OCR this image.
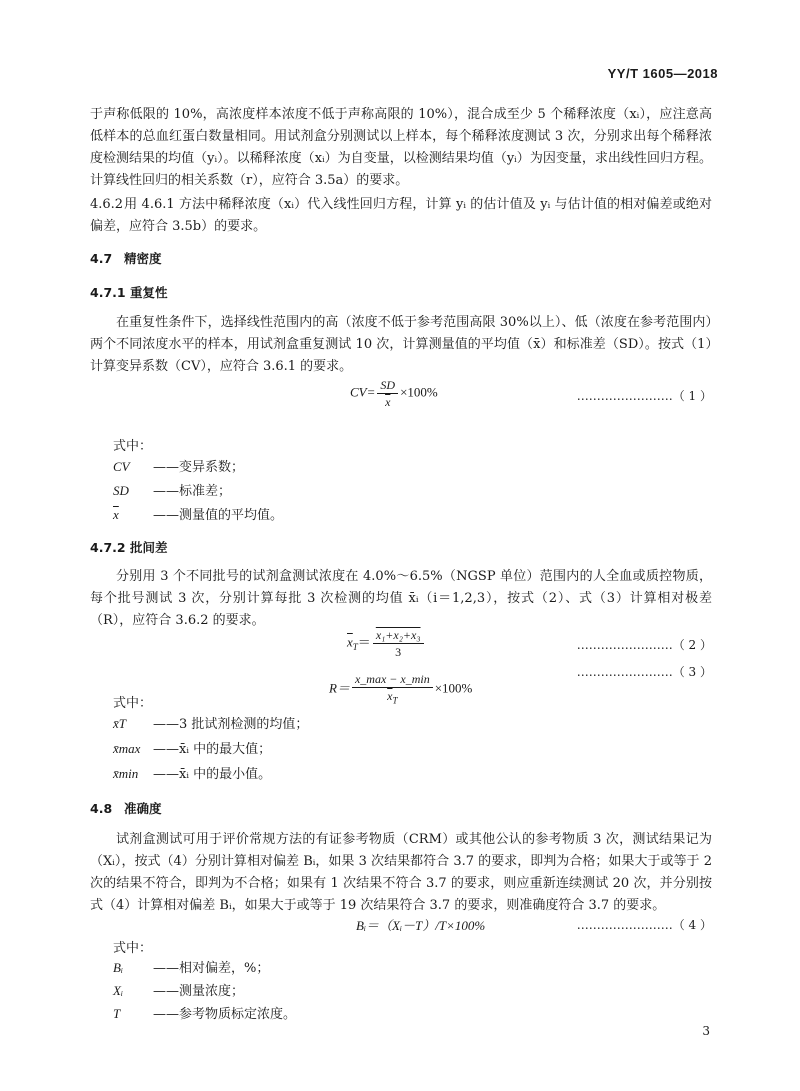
YY/T 1605—2018
于声称低限的 10%，高浓度样本浓度不低于声称高限的 10%），混合成至少 5 个稀释浓度（xᵢ），应注意高低样本的总血红蛋白数量相同。用试剂盒分别测试以上样本，每个稀释浓度测试 3 次，分别求出每个稀释浓度检测结果的均值（yᵢ）。以稀释浓度（xᵢ）为自变量，以检测结果均值（yᵢ）为因变量，求出线性回归方程。计算线性回归的相关系数（r），应符合 3.5a）的要求。
4.6.2用 4.6.1 方法中稀释浓度（xᵢ）代入线性回归方程，计算 yᵢ 的估计值及 yᵢ 与估计值的相对偏差或绝对偏差，应符合 3.5b）的要求。
4.7 精密度
4.7.1 重复性
在重复性条件下，选择线性范围内的高（浓度不低于参考范围高限 30%以上）、低（浓度在参考范围内）两个不同浓度水平的样本，用试剂盒重复测试 10 次，计算测量值的平均值（x̄）和标准差（SD）。按式（1）计算变异系数（CV），应符合 3.6.1 的要求。
$CV= \frac{SD}{x} \times 100\%$	……………………（ 1 ）
式中：
CV ——变异系数；
SD ——标准差；
$\overline{x}$	——测量值的平均值。
4.7.2 批间差
分别用 3 个不同批号的试剂盒测试浓度在 4.0%～6.5%（NGSP 单位）范围内的人全血或质控物质，每个批号测试 3 次，分别计算每批 3 次检测的均值 x̄ᵢ（i＝1,2,3），按式（2）、式（3）计算相对极差（R），应符合 3.6.2 的要求。
$\overline{x}_T= \frac{\text{x₁+x₂+x₃}}{3}$	……………………（ 2 ）
$R= \frac{x\_\max - x\_\min}{\overline{x}_T} \times 100\%$
……………………（ 3 ）
式中：
x̄T ——3 批试剂检测的均值；
x̄max ——x̄ᵢ 中的最大值；
x̄min ——x̄ᵢ 中的最小值。
4.8 准确度
试剂盒测试可用于评价常规方法的有证参考物质（CRM）或其他公认的参考物质 3 次，测试结果记为（Xᵢ），按式（4）分别计算相对偏差 Bᵢ，如果 3 次结果都符合 3.7 的要求，即判为合格；如果大于或等于 2 次的结果不符合，即判为不合格；如果有 1 次结果不符合 3.7 的要求，则应重新连续测试 20 次，并分别按式（4）计算相对偏差 Bᵢ，如果大于或等于 19 次结果符合 3.7 的要求，则准确度符合 3.7 的要求。
Bᵢ＝（Xᵢ－T）/T×100%	……………………（ 4 ）
式中：
Bᵢ ——相对偏差，%；
Xᵢ ——测量浓度；
T	——参考物质标定浓度。
3
